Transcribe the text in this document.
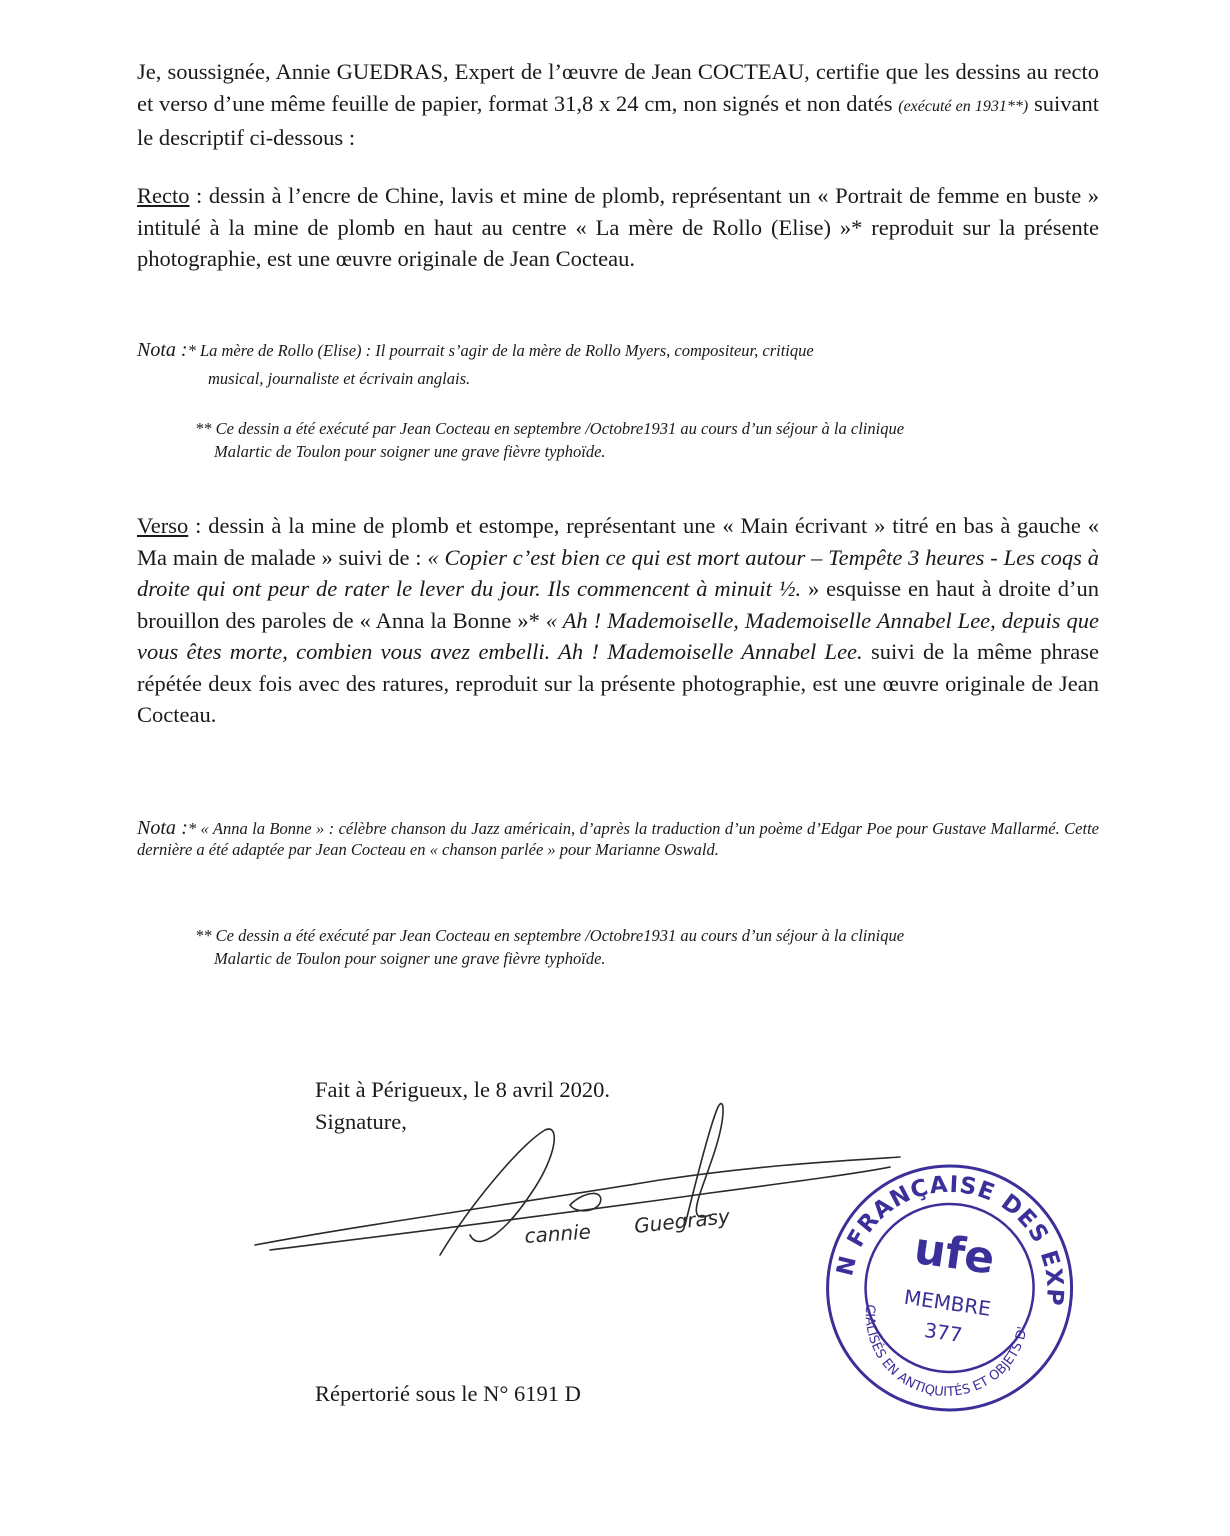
Je, soussignée, Annie GUEDRAS, Expert de l’œuvre de Jean COCTEAU, certifie que les dessins au recto et verso d’une même feuille de papier, format 31,8 x 24 cm, non signés et non datés (exécuté en 1931**) suivant le descriptif ci-dessous :
Recto : dessin à l’encre de Chine, lavis et mine de plomb, représentant un « Portrait de femme en buste » intitulé à la mine de plomb en haut au centre « La mère de Rollo (Elise) »* reproduit sur la présente photographie, est une œuvre originale de Jean Cocteau.
Nota :* La mère de Rollo (Elise) : Il pourrait s’agir de la mère de Rollo Myers, compositeur, critique
musical, journaliste et écrivain anglais.
** Ce dessin a été exécuté par Jean Cocteau en septembre /Octobre1931 au cours d’un séjour à la clinique
Malartic de Toulon pour soigner une grave fièvre typhoïde.
Verso : dessin à la mine de plomb et estompe, représentant une « Main écrivant » titré en bas à gauche « Ma main de malade » suivi de : « Copier c’est bien ce qui est mort autour – Tempête 3 heures - Les coqs à droite qui ont peur de rater le lever du jour. Ils commencent à minuit ½. » esquisse en haut à droite d’un brouillon des paroles de « Anna la Bonne »* « Ah ! Mademoiselle, Mademoiselle Annabel Lee, depuis que vous êtes morte, combien vous avez embelli. Ah ! Mademoiselle Annabel Lee. suivi de la même phrase répétée deux fois avec des ratures, reproduit sur la présente photographie, est une œuvre originale de Jean Cocteau.
Nota :* « Anna la Bonne » : célèbre chanson du Jazz américain, d’après la traduction d’un poème d’Edgar Poe pour Gustave Mallarmé. Cette dernière a été adaptée par Jean Cocteau en « chanson parlée » pour Marianne Oswald.
** Ce dessin a été exécuté par Jean Cocteau en septembre /Octobre1931 au cours d’un séjour à la clinique
Malartic de Toulon pour soigner une grave fièvre typhoïde.
Fait à Périgueux, le 8 avril 2020.
Signature,
cannie Guegrasy
Répertorié sous le N° 6191 D
UNION FRANÇAISE DES EXPERTS
SPÉCIALISÉS EN ANTIQUITÉS ET OBJETS D'ART
ufe
MEMBRE
377
